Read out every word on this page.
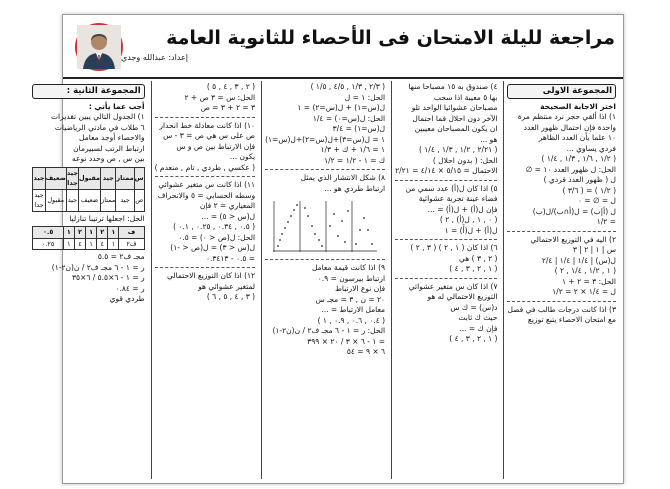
مراجعة لليلة الامتحان فى الأحصاء للثانوية العامة
إعداد: عبدالله وجدي
المجموعة الاولى
اختر الاجابة الصحيحة
١) اذا ألقي حجر نرد منتظم مرة
واحدة فإن احتمال ظهور العدد
١٠ علما بأن العدد الظاهر
فردي يساوي ...
( ١/٢ , ١/٦ , ١/٣ , ١/٤ )
الحل: ل ظهور العدد ١٠ = ∅
ل ( ظهور العدد فردي )
( ١/٢ ) = ( ٣/٦ )
ل = ∅ = ٠
ل (أ|ب) = ل(أ∩ب)/ل(ب)
= ١/٢
٢) اليه في التوزيع الاحتمالي
س | ١ | ٢ | ٣
ل(س) | ١/٤ | ١/٤ | ٢/٤
( ١ , ١/٢ , ١/٤ , ٢ )
الحل: ٣ = ٢ + ١
ل = ١/٤ × ٢ = ١/٢
٣) اذا كانت درجات طالب في فصل
مع امتحان الاحصاء يتبع توزيع
٤) صندوق به ١٥ مصباحا منها
بها ٥ معيبة اذا سحب
مصباحان عشوائيا الواحد تلو
الآخر دون احلال فما احتمال
ان يكون المصباحان معيبين
هو ...
( ٢/٢١ , ١/٢ , ١/٣ , ١/٤ )
الحل: ( بدون احلال )
الاحتمال = ٥/١٥ × ٤/١٤ = ٢/٢١
٥) اذا كان ل(أ) عدد سمي من
فضاء عينة تجربة عشوائية
فإن ل(أ) + ل(أ) = ...
( ٠ , ١ , ل(أ) , ٢ )
ل(أ) + ل(أَ) = ١
٦) اذا كان ( ١ , ٢ ) ( ٣ , ٢ )
( ٢ , ٣ ) هي
( ١ , ٢ , ٣ , ٤ )
٧) اذا كان س متغير عشوائي
التوزيع الاحتمالي له هو
د(س) = ك س
حيث ك ثابت
فإن ك = ...
( ١ , ٢ , ٣ , ٤ )
( ٢/٣ , ١/٣ , ٤/٥ , ١/٥ )
الحل: ١ = ل
ل(س=١) + ل(س=٢) = ١
الحل: ل(س=٠) = ١/٤
ل(س=١) = ٣/٤
١ = ل(س=٣)+ل(س=٢)+ل(س=١)
١ = ١/٦ + ك + ١/٣
ك = ١ - ١/٢ = ١/٢
٨) شكل الانتشار الذي يمثل
ارتباط طردي هو ...
٩) اذا كانت قيمة معامل
ارتباط بيرسون = ٠.٩
فإن نوع الارتباط
٢٠ = ن , ٣ = مجـ س
معامل الارتباط = ...
( ٠.٤ , ٠.٦ , ٠.٩ , ١ )
الحل: ر = ١ - ٦ مجـ ف٢ / ن(ن٢-١)
= ١ - ٦ × ٣ / ٢٠ × ٣٩٩
٦ × ٩ = ٥٤
( ٢ , ٣ , ٤ , ٥ )
الحل: س = ٣ ص + ٢
٣ = ٢ + ٣ = ص
١٠) اذا كانت معادلة خط انحدار
ص على س هي ص = ٣ - س
فإن الارتباط بين ص و س
يكون ...
( عكسي , طردي , تام , منعدم )
١١) اذا كانت س متغير عشوائي
وسطه الحسابي = ٥ والانحراف
المعياري = ٢ فإن
ل(س < ٥) = ...
( ٠.٥ , ٠.٣٤ , ٠.٢٥ , ٠.١ )
الحل: ل(ص < ٠) = ٠.٥
ل(س < ٣) = ل(ص < -١)
= ٠.٥ - ٠.٣٤١٣
١٢) اذا كان التوزيع الاحتمالي
لمتغير عشوائي هو
( ٣ , ٤ , ٥ , ٦ )
المجموعة الثانية :
أجب عما يأتي :
١) الجدول التالي يبين تقديرات
٦ طلاب في مادتي الرياضيات
والاحصاء أوجد معامل
ارتباط الرتب لسبيرمان
بين س , ص وحدد نوعه
س	ممتاز	جيد	مقبول	جيد جدا	ضعيف	جيد
ص	جيد	ممتاز	ضعيف	جيد	مقبول	جيد جدا
الحل: اجعلها ترتيبا تنازليا
ف	١	٢	١	٢	١	٠.٥
ف٢	١	٤	١	٤	١	٠.٢٥
مجـ ف٢ = ٥.٥
ر = ١ - ٦ مجـ ف٢ / ن(ن٢-١)
ر = ١ - ٦×٥.٥ / ٦×٣٥
ر = ٠.٨٤
طردي قوي
